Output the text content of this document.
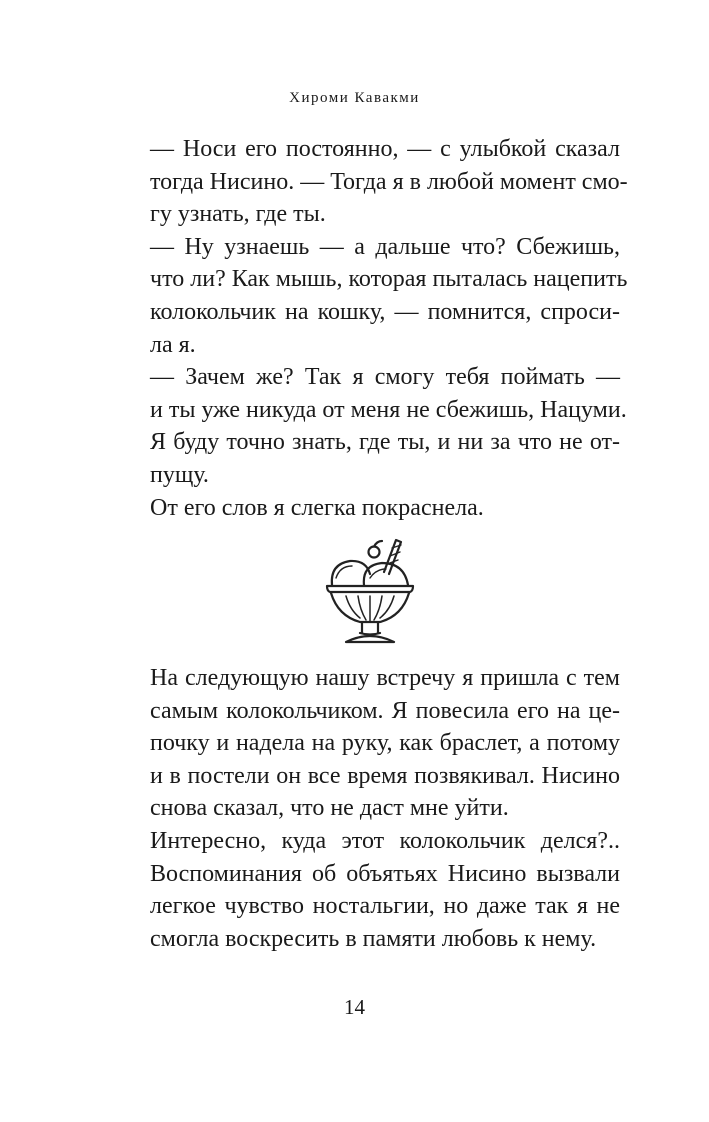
Хироми Кавакми

— Носи его постоянно, — с улыбкой сказал
тогда Нисино. — Тогда я в любой момент смо-
гу узнать, где ты.

— Ну узнаешь — а дальше что? Сбежишь,
что ли? Как мышь, которая пыталась нацепить
колокольчик на кошку, — помнится, спроси-
ла я.

— Зачем же? Так я смогу тебя поймать —
и ты уже никуда от меня не сбежишь, Нацуми.
Я буду точно знать, где ты, и ни за что не от-
пущу.

От его слов я слегка покраснела.

На следующую нашу встречу я пришла с тем
самым колокольчиком. Я повесила его на це-
почку и надела на руку, как браслет, а потому
и в постели он все время позвякивал. Нисино
снова сказал, что не даст мне уйти.

Интересно, куда этот колокольчик делся?..
Воспоминания об объятьях Нисино вызвали
легкое чувство ностальгии, но даже так я не
смогла воскресить в памяти любовь к нему.

14
